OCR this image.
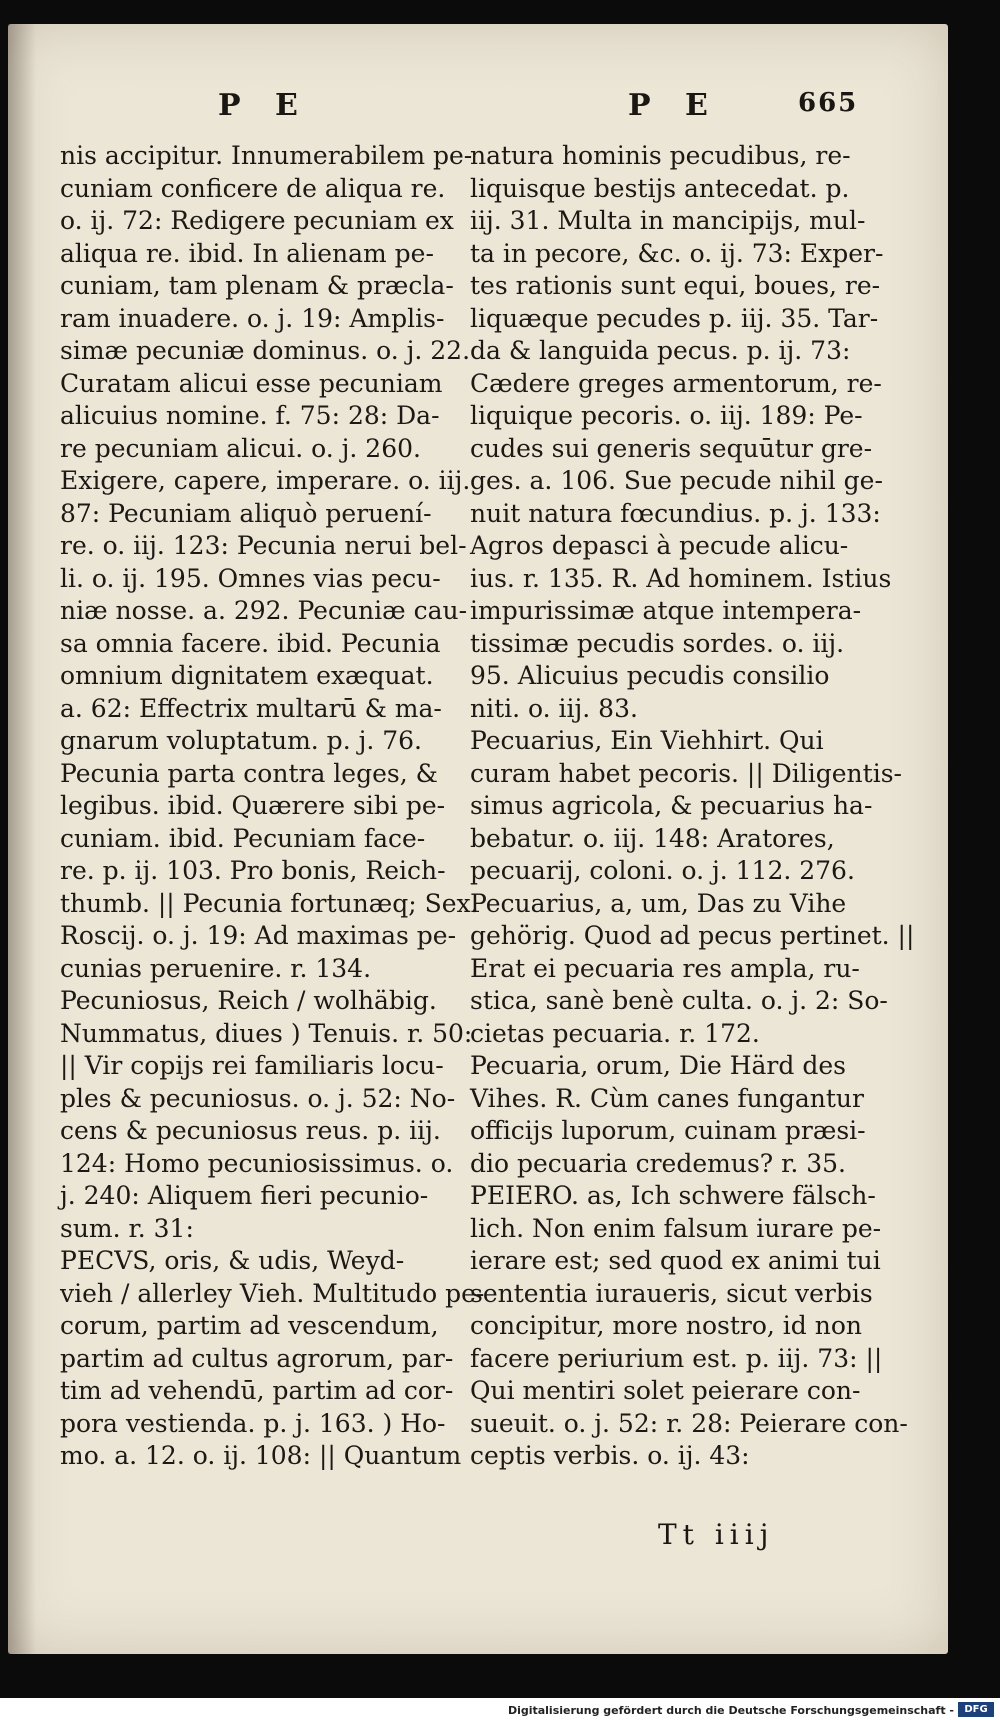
P E	P E	665

nis accipitur. Innumerabilem pe-

cuniam conficere de aliqua re.

o. ij. 72: Redigere pecuniam ex

aliqua re. ibid. In alienam pe-

cuniam, tam plenam & præcla-

ram inuadere. o. j. 19: Amplis-

simæ pecuniæ dominus. o. j. 22.

Curatam alicui esse pecuniam

alicuius nomine. f. 75: 28: Da-

re pecuniam alicui. o. j. 260.

Exigere, capere, imperare. o. iij.

87: Pecuniam aliquò peruení-

re. o. iij. 123: Pecunia nerui bel-

li. o. ij. 195. Omnes vias pecu-

niæ nosse. a. 292. Pecuniæ cau-

sa omnia facere. ibid. Pecunia

omnium dignitatem exæquat.

a. 62: Effectrix multarū & ma-

gnarum voluptatum. p. j. 76.

Pecunia parta contra leges, &

legibus. ibid. Quærere sibi pe-

cuniam. ibid. Pecuniam face-

re. p. ij. 103. Pro bonis, Reich-

thumb. || Pecunia fortunæq; Sex.

Roscij. o. j. 19: Ad maximas pe-

cunias peruenire. r. 134.

Pecuniosus, Reich / wolhäbig.

Nummatus, diues ) Tenuis. r. 50:

|| Vir copijs rei familiaris locu-

ples & pecuniosus. o. j. 52: No-

cens & pecuniosus reus. p. iij.

124: Homo pecuniosissimus. o.

j. 240: Aliquem fieri pecunio-

sum. r. 31:

PECVS, oris, & udis, Weyd-

vieh / allerley Vieh. Multitudo pe-

corum, partim ad vescendum,

partim ad cultus agrorum, par-

tim ad vehendū, partim ad cor-

pora vestienda. p. j. 163. ) Ho-

mo. a. 12. o. ij. 108: || Quantum

natura hominis pecudibus, re-

liquisque bestijs antecedat. p.

iij. 31. Multa in mancipijs, mul-

ta in pecore, &c. o. ij. 73: Exper-

tes rationis sunt equi, boues, re-

liquæque pecudes p. iij. 35. Tar-

da & languida pecus. p. ij. 73:

Cædere greges armentorum, re-

liquique pecoris. o. iij. 189: Pe-

cudes sui generis sequūtur gre-

ges. a. 106. Sue pecude nihil ge-

nuit natura fœcundius. p. j. 133:

Agros depasci à pecude alicu-

ius. r. 135. R. Ad hominem. Istius

impurissimæ atque intempera-

tissimæ pecudis sordes. o. iij.

95. Alicuius pecudis consilio

niti. o. iij. 83.

Pecuarius, Ein Viehhirt. Qui

curam habet pecoris. || Diligentis-

simus agricola, & pecuarius ha-

bebatur. o. iij. 148: Aratores,

pecuarij, coloni. o. j. 112. 276.

Pecuarius, a, um, Das zu Vihe

gehörig. Quod ad pecus pertinet. ||

Erat ei pecuaria res ampla, ru-

stica, sanè benè culta. o. j. 2: So-

cietas pecuaria. r. 172.

Pecuaria, orum, Die Härd des

Vihes. R. Cùm canes fungantur

officijs luporum, cuinam præsi-

dio pecuaria credemus? r. 35.

PEIERO. as, Ich schwere fälsch-

lich. Non enim falsum iurare pe-

ierare est; sed quod ex animi tui

sententia iuraueris, sicut verbis

concipitur, more nostro, id non

facere periurium est. p. iij. 73: ||

Qui mentiri solet peierare con-

sueuit. o. j. 52: r. 28: Peierare con-

ceptis verbis. o. ij. 43:

Tt iiij
Digitalisierung gefördert durch die Deutsche Forschungsgemeinschaft -	DFG
